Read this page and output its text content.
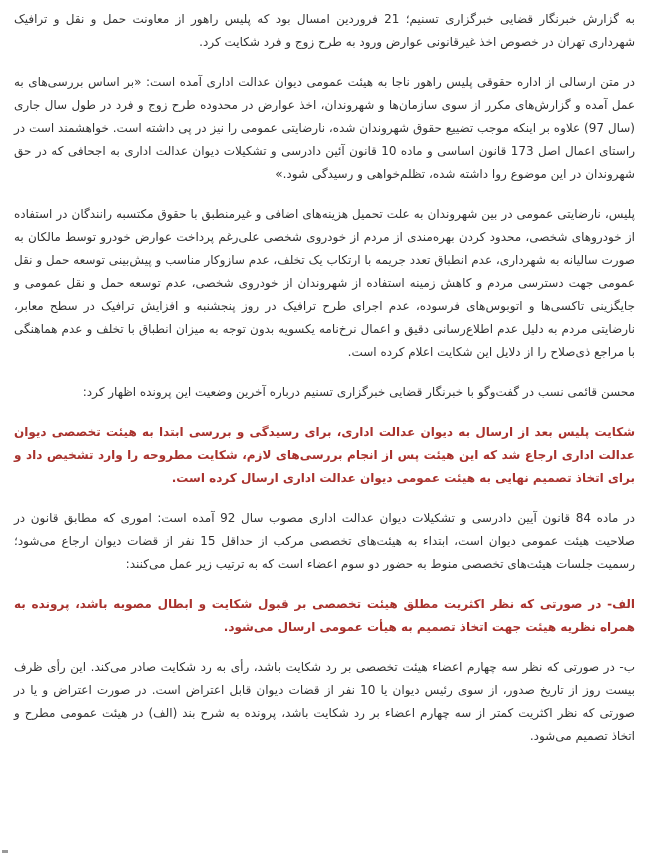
به گزارش خبرنگار قضایی خبرگزاری تسنیم؛ 21 فروردین امسال بود که پلیس راهور از معاونت حمل و نقل و ترافیک شهرداری تهران در خصوص اخذ غیرقانونی عوارض ورود به طرح زوج و فرد شکایت کرد.

در متن ارسالی از اداره حقوقی پلیس راهور ناجا به هیئت عمومی دیوان عدالت اداری آمده است: «بر اساس بررسی‌های به عمل آمده و گزارش‌های مکرر از سوی سازمان‌ها و شهروندان، اخذ عوارض در محدوده طرح زوج و فرد در طول سال جاری (سال 97) علاوه بر اینکه موجب تضییع حقوق شهروندان شده، نارضایتی عمومی را نیز در پی داشته است. خواهشمند است در راستای اعمال اصل 173 قانون اساسی و ماده 10 قانون آئین دادرسی و تشکیلات دیوان عدالت اداری به اجحافی که در حق شهروندان در این موضوع روا داشته شده، تظلم‌خواهی و رسیدگی شود.»

پلیس، نارضایتی عمومی در بین شهروندان به علت تحمیل هزینه‌های اضافی و غیرمنطبق با حقوق مکتسبه رانندگان در استفاده از خودروهای شخصی، محدود کردن بهره‌مندی از مردم از خودروی شخصی علی‌رغم پرداخت عوارض خودرو توسط مالکان به صورت سالیانه به شهرداری، عدم انطباق تعدد جریمه با ارتکاب یک تخلف، عدم سازوکار مناسب و پیش‌بینی توسعه حمل و نقل عمومی جهت دسترسی مردم و کاهش زمینه استفاده از شهروندان از خودروی شخصی، عدم توسعه حمل و نقل عمومی و جایگزینی تاکسی‌ها و اتوبوس‌های فرسوده، عدم اجرای طرح ترافیک در روز پنجشنبه و افزایش ترافیک در سطح معابر، نارضایتی مردم به دلیل عدم اطلاع‌رسانی دقیق و اعمال نرخ‌نامه یکسویه بدون توجه به میزان انطباق با تخلف و عدم هماهنگی با مراجع ذی‌صلاح را از دلایل این شکایت اعلام کرده است.

محسن قائمی نسب در گفت‌وگو با خبرنگار قضایی خبرگزاری تسنیم درباره آخرین وضعیت این پرونده اظهار کرد:

شکایت پلیس بعد از ارسال به دیوان عدالت اداری، برای رسیدگی و بررسی ابتدا به هیئت تخصصی دیوان عدالت اداری ارجاع شد که این هیئت پس از انجام بررسی‌های لازم، شکایت مطروحه را وارد تشخیص داد و برای اتخاذ تصمیم نهایی به هیئت عمومی دیوان عدالت اداری ارسال کرده است.

در ماده 84 قانون آیین دادرسی و تشکیلات دیوان عدالت اداری مصوب سال 92 آمده است: اموری که مطابق قانون در صلاحیت هیئت عمومی دیوان است، ابتداء به هیئت‌های تخصصی مرکب از حداقل 15 نفر از قضات دیوان ارجاع می‌شود؛ رسمیت جلسات هیئت‌های تخصصی منوط به حضور دو سوم اعضاء است که به ترتیب زیر عمل می‌کنند:

الف- در صورتی که نظر اکثریت مطلق هیئت تخصصی بر قبول شکایت و ابطال مصوبه باشد، پرونده به همراه نظریه هیئت جهت اتخاذ تصمیم به هیأت عمومی ارسال می‌شود.

ب- در صورتی که نظر سه چهارم اعضاء هیئت تخصصی بر رد شکایت باشد، رأی به رد شکایت صادر می‌کند. این رأی ظرف بیست روز از تاریخ صدور، از سوی رئیس دیوان یا 10 نفر از قضات دیوان قابل اعتراض است. در صورت اعتراض و یا در صورتی که نظر اکثریت کمتر از سه چهارم اعضاء بر رد شکایت باشد، پرونده به شرح بند (الف) در هیئت عمومی مطرح و اتخاذ تصمیم می‌شود.
